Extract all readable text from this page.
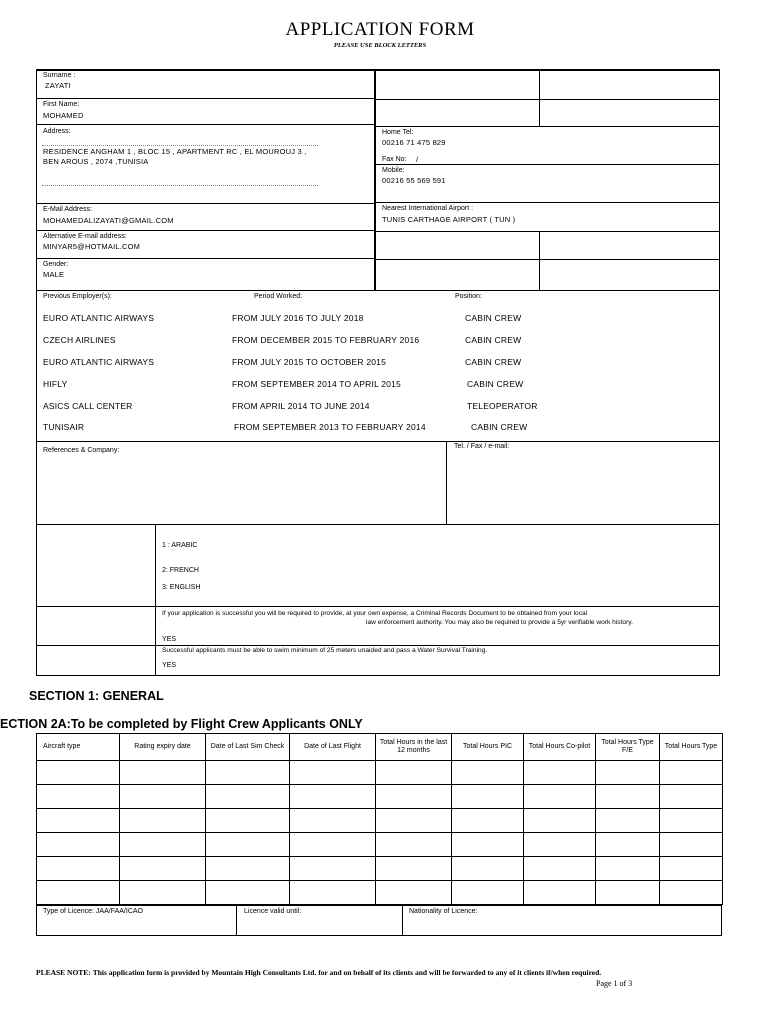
APPLICATION FORM
PLEASE USE BLOCK LETTERS
Surname :
ZAYATI
First Name:
MOHAMED
Address:
RESIDENCE ANGHAM 1 , BLOC 15 , APARTMENT RC , EL MOUROUJ 3 ,
BEN AROUS , 2074 ,TUNISIA
E-Mail Address:
MOHAMEDALIZAYATI@GMAIL.COM
Alternative E-mail address:
MINYAR5@HOTMAIL.COM
Gender:
MALE
Home Tel:
00216 71 475 829
Fax No: /
Mobile:
00216 55 569 591
Nearest International Airport :
TUNIS CARTHAGE AIRPORT ( TUN )
Previous Employer(s):	Period Worked:	Position:
EURO ATLANTIC AIRWAYS	FROM JULY 2016 TO JULY 2018	CABIN CREW
CZECH AIRLINES	FROM DECEMBER 2015 TO FEBRUARY 2016	CABIN CREW
EURO ATLANTIC AIRWAYS	FROM JULY 2015 TO OCTOBER 2015	CABIN CREW
HIFLY	FROM SEPTEMBER 2014 TO APRIL 2015	CABIN CREW
ASICS CALL CENTER	FROM APRIL 2014 TO JUNE 2014	TELEOPERATOR
TUNISAIR	FROM SEPTEMBER 2013 TO FEBRUARY 2014	CABIN CREW
References & Company:
Tel. / Fax / e-mail:
1 : ARABIC
2: FRENCH
3: ENGLISH
If your application is successful you will be required to provide, at your own expense, a Criminal Records Document to be obtained from your local
law enforcement authority. You may also be required to provide a 5yr verifiable work history.
YES
Successful applicants must be able to swim minimum of 25 meters unaided and pass a Water Survival Training.
YES
SECTION 1: GENERAL
ECTION 2A:To be completed by Flight Crew Applicants ONLY
Aircraft type	Rating expiry date	Date of Last Sim Check	Date of Last Flight	Total Hours in the last 12 months	Total Hours PIC	Total Hours Co-pilot	Total Hours Type F/E	Total Hours Type

Type of Licence: JAA/FAA/ICAO	Licence valid until:	Nationality of Licence:
PLEASE NOTE: This application form is provided by Mountain High Consultants Ltd. for and on behalf of its clients and will be forwarded to any of it clients if/when required.
Page 1 of 3
